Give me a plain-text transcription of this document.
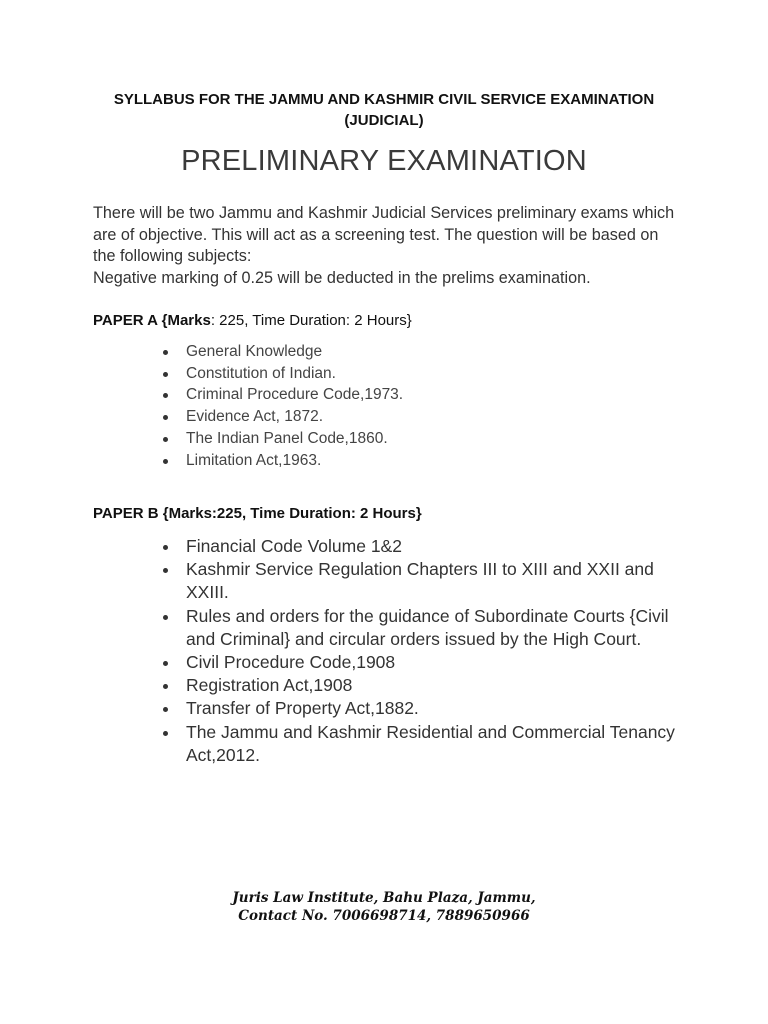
SYLLABUS FOR THE JAMMU AND KASHMIR CIVIL SERVICE EXAMINATION
(JUDICIAL)
PRELIMINARY EXAMINATION

There will be two Jammu and Kashmir Judicial Services preliminary exams which are of objective. This will act as a screening test. The question will be based on the following subjects:

Negative marking of 0.25 will be deducted in the prelims examination.

PAPER A {Marks: 225, Time Duration: 2 Hours}
General Knowledge
Constitution of Indian.
Criminal Procedure Code,1973.
Evidence Act, 1872.
The Indian Panel Code,1860.
Limitation Act,1963.
PAPER B {Marks:225, Time Duration: 2 Hours}
Financial Code Volume 1&2
Kashmir Service Regulation Chapters III to XIII and XXII and XXIII.
Rules and orders for the guidance of Subordinate Courts {Civil and Criminal} and circular orders issued by the High Court.
Civil Procedure Code,1908
Registration Act,1908
Transfer of Property Act,1882.
The Jammu and Kashmir Residential and Commercial Tenancy Act,2012.
Juris Law Institute, Bahu Plaza, Jammu,
Contact No. 7006698714, 7889650966
